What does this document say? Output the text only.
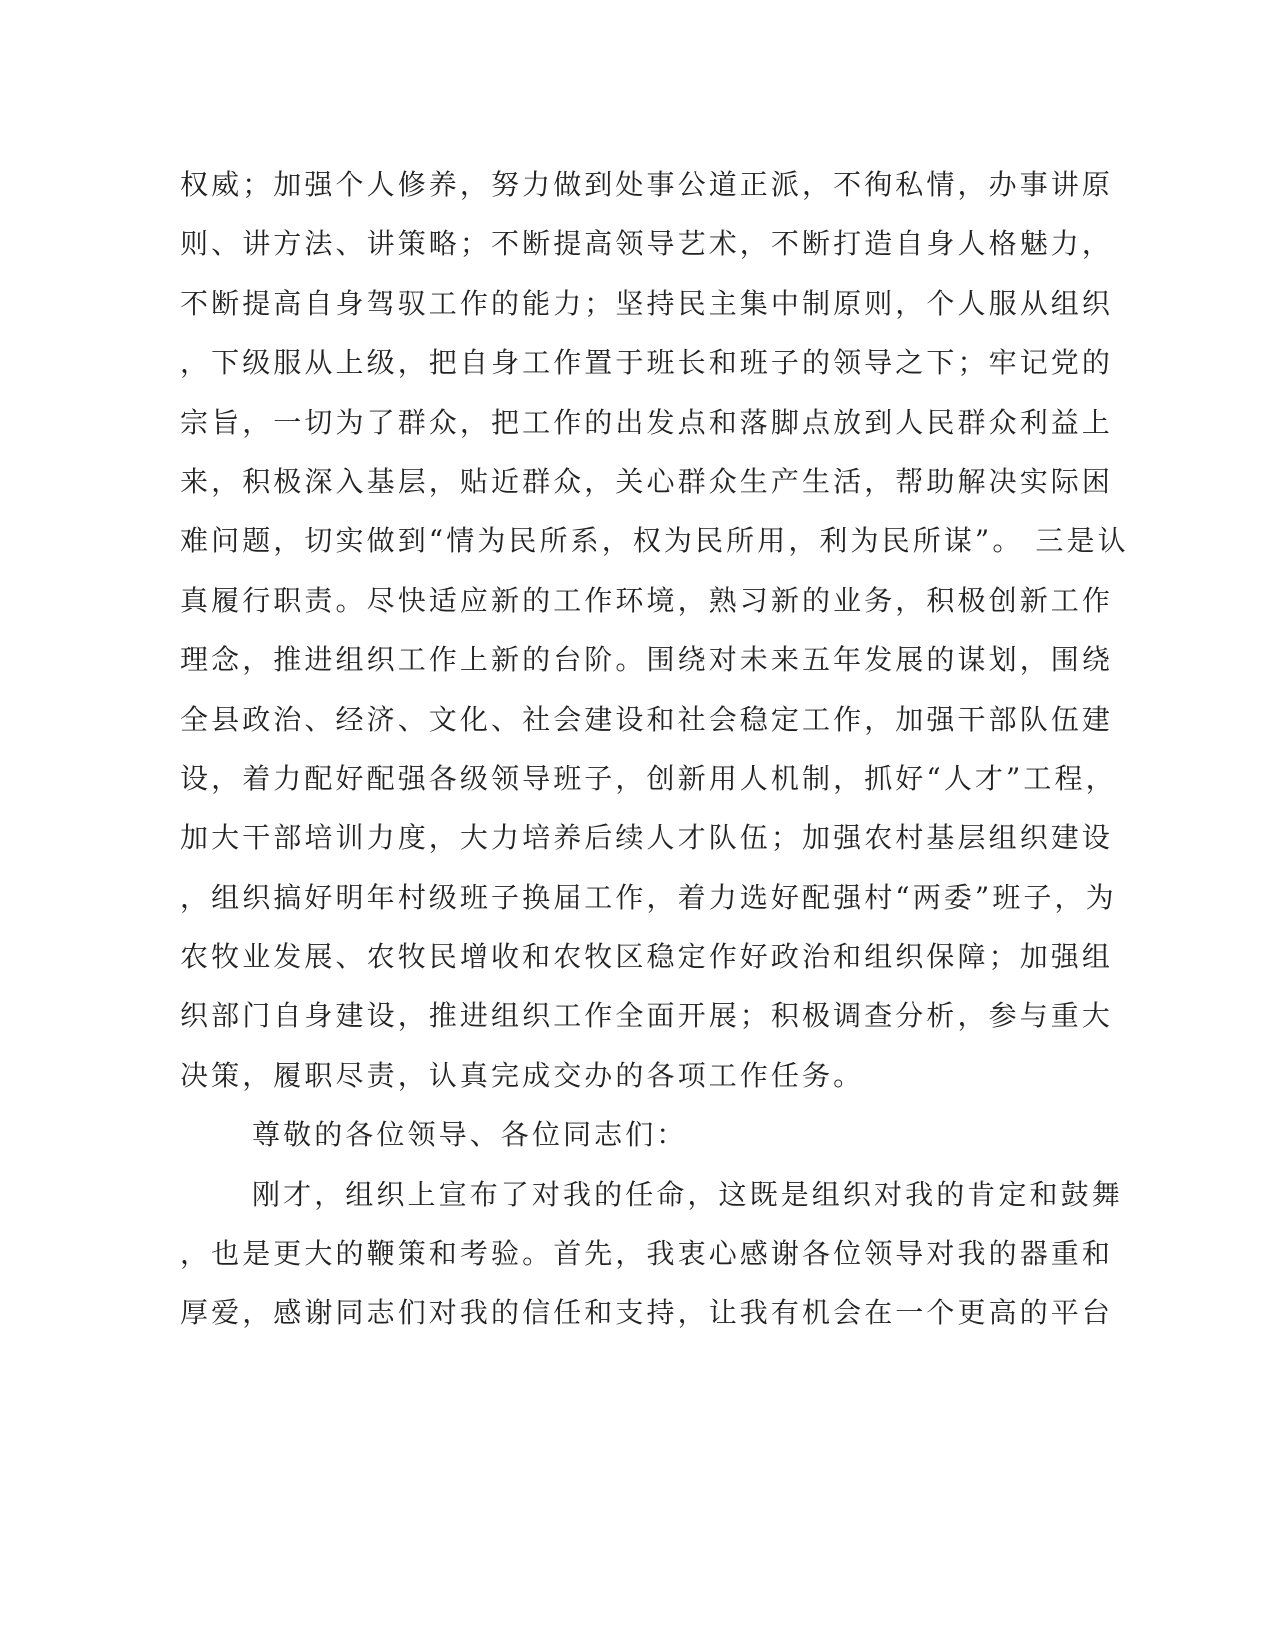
权威；加强个人修养，努力做到处事公道正派，不徇私情，办事讲原
则、讲方法、讲策略；不断提高领导艺术，不断打造自身人格魅力，
不断提高自身驾驭工作的能力；坚持民主集中制原则，个人服从组织
，下级服从上级，把自身工作置于班长和班子的领导之下；牢记党的
宗旨，一切为了群众，把工作的出发点和落脚点放到人民群众利益上
来，积极深入基层，贴近群众，关心群众生产生活，帮助解决实际困
难问题，切实做到“情为民所系，权为民所用，利为民所谋”。 三是认
真履行职责。尽快适应新的工作环境，熟习新的业务，积极创新工作
理念，推进组织工作上新的台阶。围绕对未来五年发展的谋划，围绕
全县政治、经济、文化、社会建设和社会稳定工作，加强干部队伍建
设，着力配好配强各级领导班子，创新用人机制，抓好“人才”工程，
加大干部培训力度，大力培养后续人才队伍；加强农村基层组织建设
，组织搞好明年村级班子换届工作，着力选好配强村“两委”班子，为
农牧业发展、农牧民增收和农牧区稳定作好政治和组织保障；加强组
织部门自身建设，推进组织工作全面开展；积极调查分析，参与重大
决策，履职尽责，认真完成交办的各项工作任务。
尊敬的各位领导、各位同志们：
刚才，组织上宣布了对我的任命，这既是组织对我的肯定和鼓舞
，也是更大的鞭策和考验。首先，我衷心感谢各位领导对我的器重和
厚爱，感谢同志们对我的信任和支持，让我有机会在一个更高的平台
